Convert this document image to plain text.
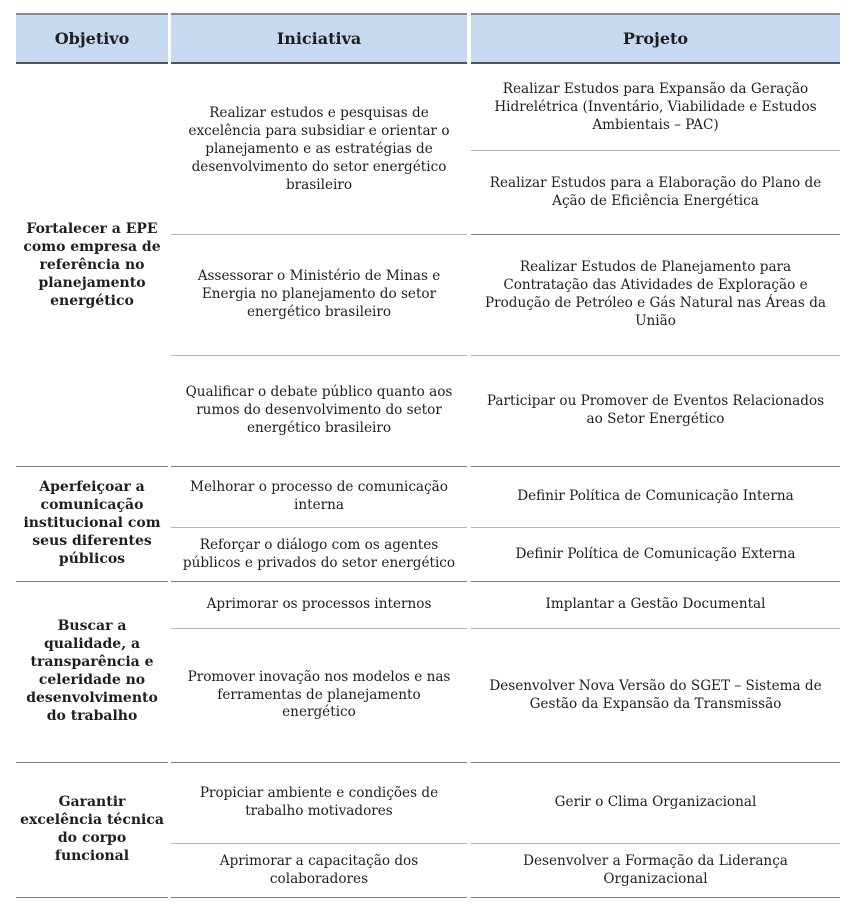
Objetivo	Iniciativa	Projeto
Fortalecer a EPE como empresa de referência no planejamento energético
Aperfeiçoar a comunicação institucional com seus diferentes públicos
Buscar a qualidade, a transparência e celeridade no desenvolvimento do trabalho
Garantir excelência técnica do corpo funcional
Realizar estudos e pesquisas de excelência para subsidiar e orientar o planejamento e as estratégias de desenvolvimento do setor energético brasileiro
Assessorar o Ministério de Minas e Energia no planejamento do setor energético brasileiro
Qualificar o debate público quanto aos rumos do desenvolvimento do setor energético brasileiro
Melhorar o processo de comunicação interna
Reforçar o diálogo com os agentes públicos e privados do setor energético
Aprimorar os processos internos
Promover inovação nos modelos e nas ferramentas de planejamento energético
Propiciar ambiente e condições de trabalho motivadores
Aprimorar a capacitação dos colaboradores
Realizar Estudos para Expansão da Geração Hidrelétrica (Inventário, Viabilidade e Estudos Ambientais – PAC)
Realizar Estudos para a Elaboração do Plano de Ação de Eficiência Energética
Realizar Estudos de Planejamento para Contratação das Atividades de Exploração e Produção de Petróleo e Gás Natural nas Áreas da União
Participar ou Promover de Eventos Relacionados ao Setor Energético
Definir Política de Comunicação Interna
Definir Política de Comunicação Externa
Implantar a Gestão Documental
Desenvolver Nova Versão do SGET – Sistema de Gestão da Expansão da Transmissão
Gerir o Clima Organizacional
Desenvolver a Formação da Liderança Organizacional
